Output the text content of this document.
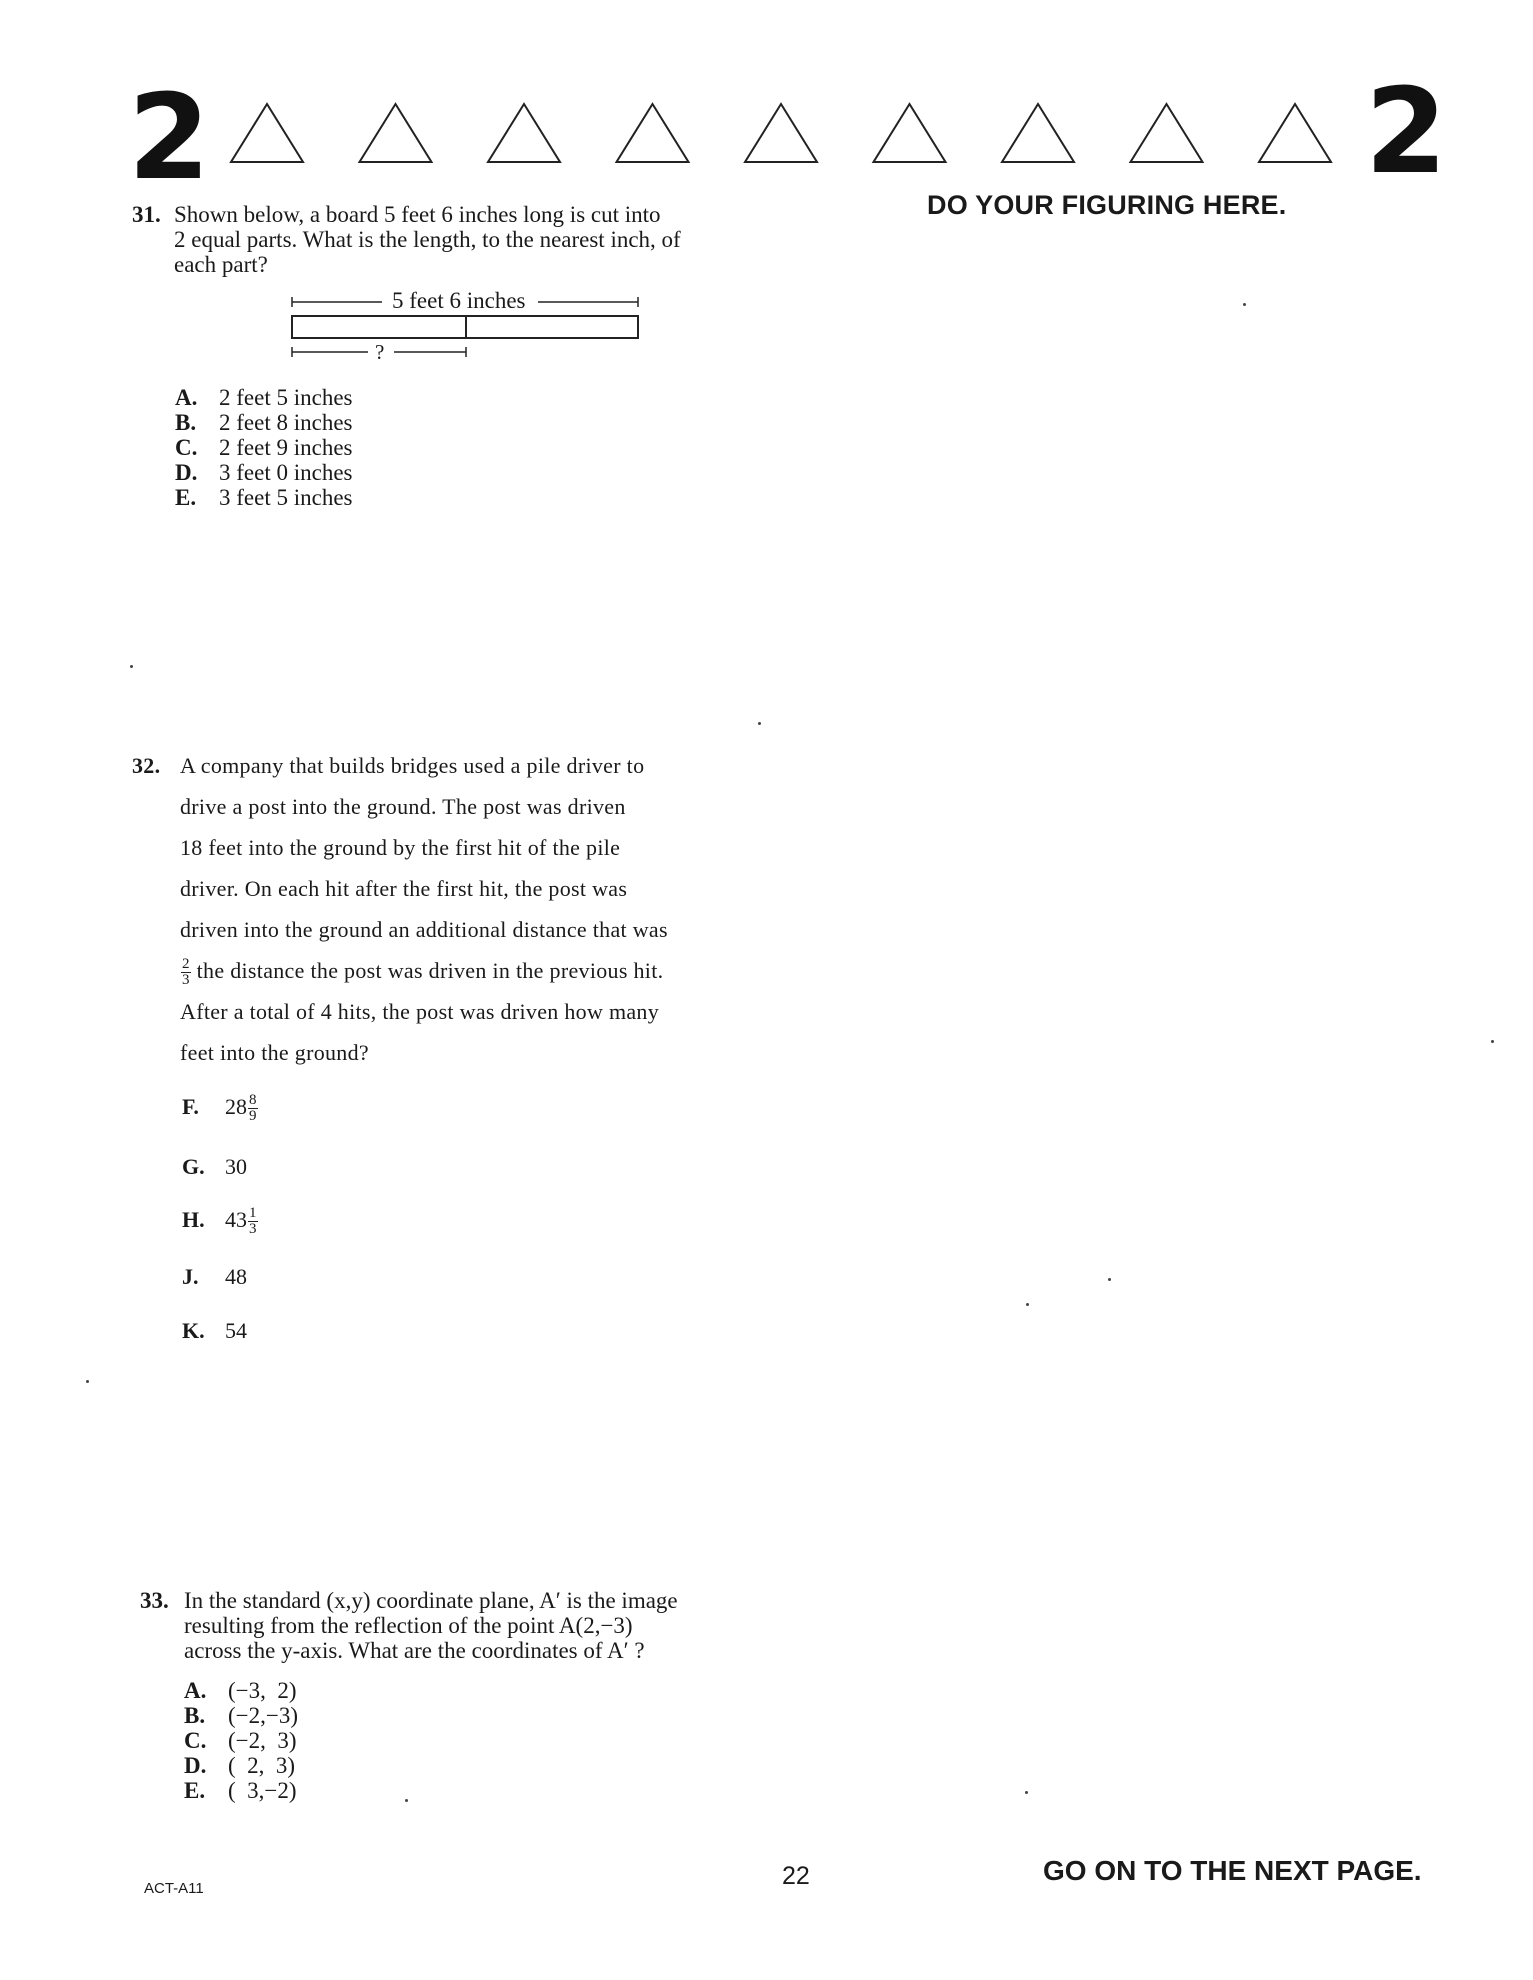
2	2
DO YOUR FIGURING HERE.
31. Shown below, a board 5 feet 6 inches long is cut into
2 equal parts. What is the length, to the nearest inch, of
each part?
5 feet 6 inches
?
A. 2 feet 5 inches
B. 2 feet 8 inches
C. 2 feet 9 inches
D. 3 feet 0 inches
E. 3 feet 5 inches
32. A company that builds bridges used a pile driver to
drive a post into the ground. The post was driven
18 feet into the ground by the first hit of the pile
driver. On each hit after the first hit, the post was
driven into the ground an additional distance that was
$\frac{2}{3}$ the distance the post was driven in the previous hit.
After a total of 4 hits, the post was driven how many
feet into the ground?
F. $28 \frac{8}{9}$
G. 30
H. $43 \frac{1}{3}$
J. 48
K. 54
33. In the standard (x,y) coordinate plane, A′ is the image
resulting from the reflection of the point A(2,−3)
across the y-axis. What are the coordinates of A′ ?
A. (−3,  2)
B. (−2,−3)
C. (−2,  3)
D. (  2,  3)
E. (  3,−2)
ACT-A11	22	GO ON TO THE NEXT PAGE.
